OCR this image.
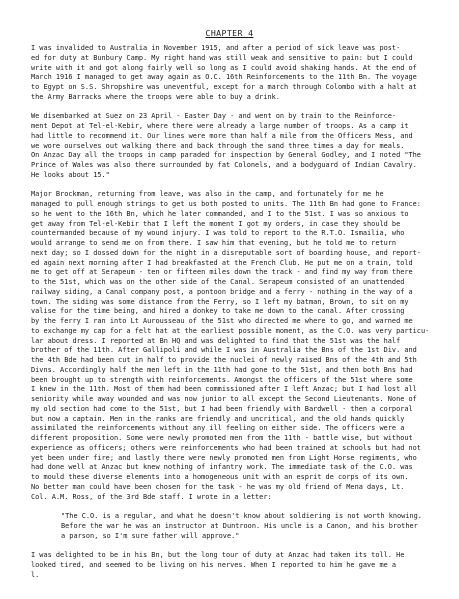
CHAPTER 4

I was invalided to Australia in November 1915, and after a period of sick leave was post-
ed for duty at Bunbury Camp. My right hand was still weak and sensitive to pain: but I could
write with it and got along fairly well so long as I could avoid shaking hands. At the end of
March 1916 I managed to get away again as O.C. 16th Reinforcements to the 11th Bn. The voyage
to Egypt on S.S. Shropshire was uneventful, except for a march through Colombo with a halt at
the Army Barracks where the troops were able to buy a drink.

We disembarked at Suez on 23 April - Easter Day - and went on by train to the Reinforce-
ment Depot at Tel-el-Kebir, where there were already a large number of troops. As a camp it
had little to recommend it. Our lines were more than half a mile from the Officers Mess, and
we wore ourselves out walking there and back through the sand three times a day for meals.
On Anzac Day all the troops in camp paraded for inspection by General Godley, and I noted "The
Prince of Wales was also there surrounded by fat Colonels, and a bodyguard of Indian Cavalry.
He looks about 15."

Major Brockman, returning from leave, was also in the camp, and fortunately for me he
managed to pull enough strings to get us both posted to units. The 11th Bn had gone to France:
so he went to the 16th Bn, which he later commanded, and I to the 51st. I was so anxious to
get away from Tel-el-Kebir that I left the moment I got my orders, in case they should be
countermanded because of my wound injury. I was told to report to the R.T.O. Ismailia, who
would arrange to send me on from there. I saw him that evening, but he told me to return
next day; so I dossed down for the night in a disreputable sort of boarding house, and report-
ed again next morning after I had breakfasted at the French Club. He put me on a train, told
me to get off at Serapeum - ten or fifteen miles down the track - and find my way from there
to the 51st, which was on the other side of the Canal. Serapeum consisted of an unattended
railway siding, a Canal company post, a pontoon bridge and a ferry - nothing in the way of a
town. The siding was some distance from the Ferry, so I left my batman, Brown, to sit on my
valise for the time being, and hired a donkey to take me down to the canal. After crossing
by the ferry I ran into Lt Aurousseau of the 51st who directed me where to go, and warned me
to exchange my cap for a felt hat at the earliest possible moment, as the C.O. was very particu-
lar about dress. I reported at Bn HQ and was delighted to find that the 51st was the half
brother of the 11th. After Gallipoli and while I was in Australia the Bns of the 1st Div. and
the 4th Bde had been cut in half to provide the nuclei of newly raised Bns of the 4th and 5th
Divns. Accordingly half the men left in the 11th had gone to the 51st, and then both Bns had
been brought up to strength with reinforcements. Amongst the officers of the 51st where some
I knew in the 11th. Most of them had been commissioned after I left Anzac; but I had lost all
seniority while away wounded and was now junior to all except the Second Lieutenants. None of
my old section had come to the 51st, but I had been friendly with Bardwell - then a corporal
but now a captain. Men in the ranks are friendly and uncritical, and the old hands quickly
assimilated the reinforcements without any ill feeling on either side. The officers were a
different proposition. Some were newly promoted men from the 11th - battle wise, but without
experience as officers; others were reinforcements who had been trained at schools but had not
yet been under fire; and lastly there were newly promoted men from Light Horse regiments, who
had done well at Anzac but knew nothing of infantry work. The immediate task of the C.O. was
to mould these diverse elements into a homogeneous unit with an esprit de corps of its own.
No better man could have been chosen for the task - he was my old friend of Mena days, Lt.
Col. A.M. Ross, of the 3rd Bde staff. I wrote in a letter:

"The C.O. is a regular, and what he doesn't know about soldiering is not worth knowing.
Before the war he was an instructor at Duntroon. His uncle is a Canon, and his brother
a parson, so I'm sure father will approve."

I was delighted to be in his Bn, but the long tour of duty at Anzac had taken its toll. He
looked tired, and seemed to be living on his nerves. When I reported to him he gave me a
l.
